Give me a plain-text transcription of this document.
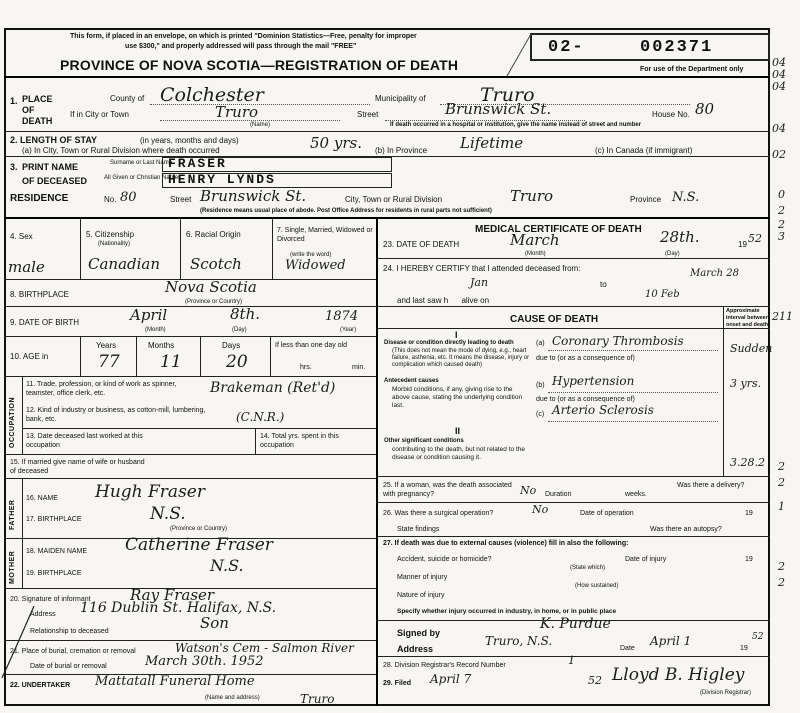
This form, if placed in an envelope, on which is printed "Dominion Statistics—Free, penalty for improper
use $300," and properly addressed will pass through the mail "FREE"
PROVINCE OF NOVA SCOTIA—REGISTRATION OF DEATH
02-	002371
For use of the Department only
04
04
04
04
02
0
2
2
3
211
2
2
1
2
2
1. PLACE OF DEATH
County of Colchester	Municipality of	Truro
If in City or Town	Truro
(Name)
Street	Brunswick St.	House No. 80
If death occurred in a hospital or institution, give the name instead of street and number
2. LENGTH OF STAY	(in years, months and days)
(a) In City, Town or Rural Division where death occurred	50 yrs. (b) In Province Lifetime	(c) In Canada (if immigrant)
3. PRINT NAME
OF DECEASED
Surname or Last Name
FRASER
All Given or Christian Names
HENRY LYNDS
RESIDENCE	No. 80	Street Brunswick St.	City, Town or Rural Division	Truro	Province N.S.
(Residence means usual place of abode. Post Office Address for residents in rural parts not sufficient)
4. Sex
male
5. Citizenship
(Nationality)
Canadian
6. Racial Origin
Scotch
7. Single, Married, Widowed or Divorced
(write the word)
Widowed
8. BIRTHPLACE	Nova Scotia
(Province or Country)
9. DATE OF BIRTH	April
(Month)
8th.
(Day)
1874
(Year)
10. AGE in
Years	Months	Days
77 11	20
If less than one day old
hrs.	min.
OCCUPATION
11. Trade, profession, or kind of work as spinner, teamster, office clerk, etc.	Brakeman (Ret'd)
12. Kind of industry or business, as cotton-mill, lumbering, bank, etc.	(C.N.R.)
13. Date deceased last worked at this occupation
14. Total yrs. spent in this occupation
15. If married give name of wife or husband of deceased
FATHER
16. NAME Hugh Fraser
17. BIRTHPLACE	N.S.
(Province or Country)
MOTHER 18. MAIDEN NAME Catherine Fraser
19. BIRTHPLACE	N.S.
20. Signature of informant	Ray Fraser
Address 116 Dublin St. Halifax, N.S.
Relationship to deceased	Son
21. Place of burial, cremation or removal	Watson's Cem - Salmon River
Date of burial or removal	March 30th. 1952
22. UNDERTAKER Mattatall Funeral Home
Truro
(Name and address)
MEDICAL CERTIFICATE OF DEATH
23. DATE OF DEATH	March
(Month)
28th.
(Day)
19 52
24. I HEREBY CERTIFY that I attended deceased from:
Jan	to
March 28
and last saw h alive on
10 Feb
CAUSE OF DEATH
Approximate interval between onset and death
I
Disease or condition directly leading to death
(This does not mean the mode of dying, e.g., heart failure, asthenia, etc. It means the disease, injury or complication which caused death)
(a) Coronary Thrombosis
Sudden
due to (or as a consequence of)
Antecedent causes
Morbid conditions, if any, giving rise to the above cause, stating the underlying condition last.
(b) Hypertension	3 yrs.
due to (or as a consequence of)
(c) Arterio Sclerosis
II
Other significant conditions
contributing to the death, but not related to the disease or condition causing it.	3.28.2
25. If a woman, was the death associated with pregnancy?	No Duration	weeks.
Was there a delivery?
26. Was there a surgical operation?	No	Date of operation	19
State findings	Was there an autopsy?
27. If death was due to external causes (violence) fill in also the following:
Accident, suicide or homicide?
(State which)
Date of injury	19
Manner of injury
(How sustained)
Nature of injury
Specify whether injury occurred in industry, in home, or in public place
Signed by
K. Purdue
Address
Truro, N.S.
Date
April 1
19
52
28. Division Registrar's Record Number	1
29. Filed April 7	52 Lloyd B. Higley
(Division Registrar)
